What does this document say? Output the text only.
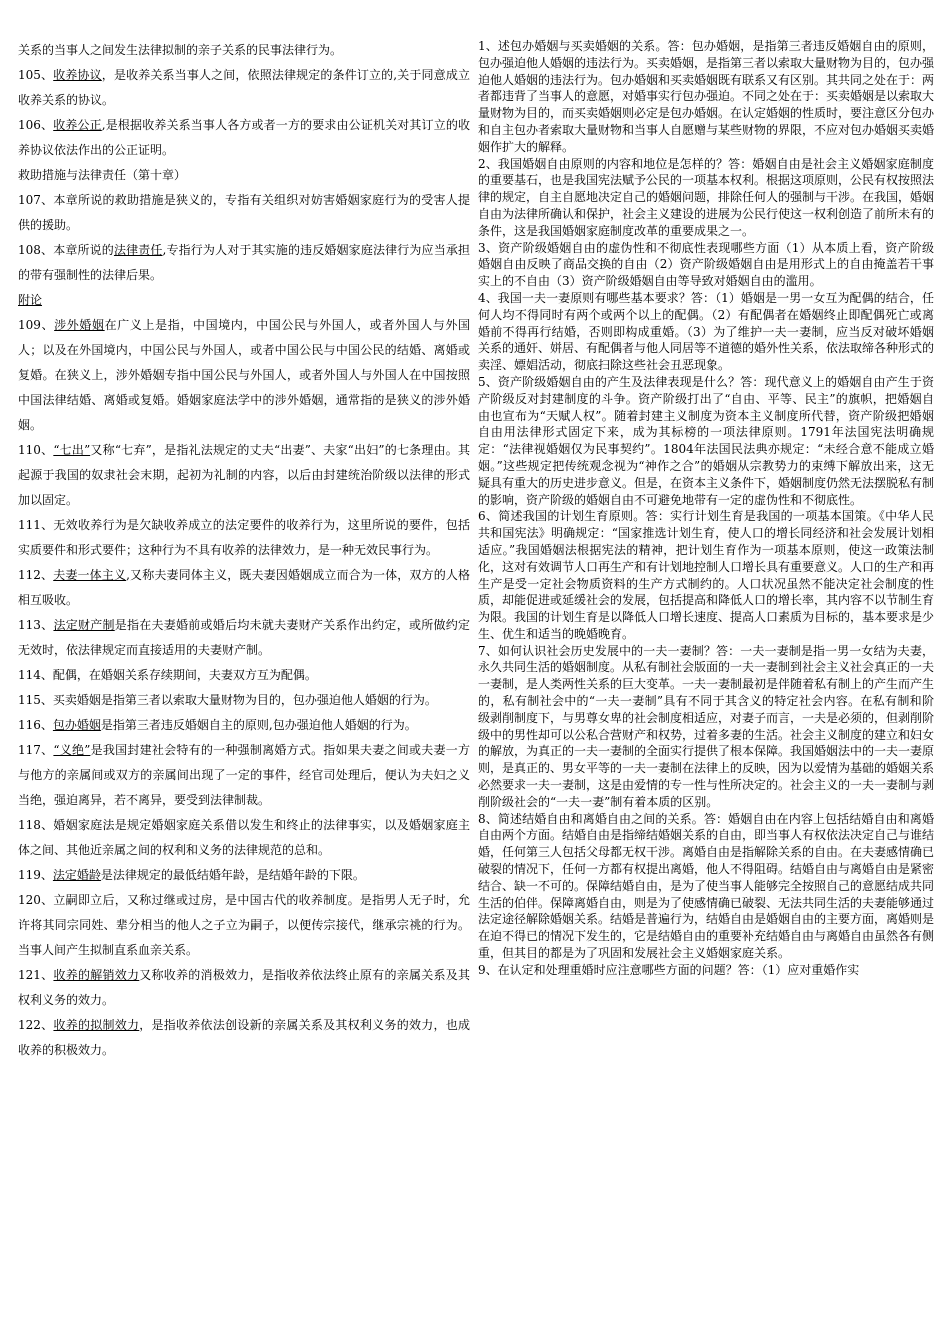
关系的当事人之间发生法律拟制的亲子关系的民事法律行为。

105、收养协议，是收养关系当事人之间，依照法律规定的条件订立的,关于同意成立收养关系的协议。

106、收养公正,是根据收养关系当事人各方或者一方的要求由公证机关对其订立的收养协议依法作出的公正证明。

救助措施与法律责任（第十章）

107、本章所说的救助措施是狭义的，专指有关组织对妨害婚姻家庭行为的受害人提供的援助。

108、本章所说的法律责任,专指行为人对于其实施的违反婚姻家庭法律行为应当承担的带有强制性的法律后果。

附论

109、涉外婚姻在广义上是指，中国境内，中国公民与外国人，或者外国人与外国人；以及在外国境内，中国公民与外国人，或者中国公民与中国公民的结婚、离婚或复婚。在狭义上，涉外婚姻专指中国公民与外国人，或者外国人与外国人在中国按照中国法律结婚、离婚或复婚。婚姻家庭法学中的涉外婚姻，通常指的是狭义的涉外婚姻。

110、“七出”又称“七弃”，是指礼法规定的丈夫“出妻”、夫家“出妇”的七条理由。其起源于我国的奴隶社会末期，起初为礼制的内容，以后由封建统治阶级以法律的形式加以固定。

111、无效收养行为是欠缺收养成立的法定要件的收养行为，这里所说的要件，包括实质要件和形式要件；这种行为不具有收养的法律效力，是一种无效民事行为。

112、夫妻一体主义,又称夫妻同体主义，既夫妻因婚姻成立而合为一体，双方的人格相互吸收。

113、法定财产制是指在夫妻婚前或婚后均未就夫妻财产关系作出约定，或所做约定无效时，依法律规定而直接适用的夫妻财产制。

114、配偶，在婚姻关系存续期间，夫妻双方互为配偶。

115、买卖婚姻是指第三者以索取大量财物为目的，包办强迫他人婚姻的行为。

116、包办婚姻是指第三者违反婚姻自主的原则,包办强迫他人婚姻的行为。

117、“义绝”是我国封建社会特有的一种强制离婚方式。指如果夫妻之间或夫妻一方与他方的亲属间或双方的亲属间出现了一定的事件，经官司处理后，便认为夫妇之义当绝，强迫离异，若不离异，要受到法律制裁。

118、婚姻家庭法是规定婚姻家庭关系借以发生和终止的法律事实，以及婚姻家庭主体之间、其他近亲属之间的权利和义务的法律规范的总和。

119、法定婚龄是法律规定的最低结婚年龄，是结婚年龄的下限。

120、立嗣即立后，又称过继或过房，是中国古代的收养制度。是指男人无子时，允许将其同宗同姓、辈分相当的他人之子立为嗣子，以便传宗接代，继承宗祧的行为。当事人间产生拟制直系血亲关系。

121、收养的解销效力又称收养的消极效力，是指收养依法终止原有的亲属关系及其权利义务的效力。

122、收养的拟制效力，是指收养依法创设新的亲属关系及其权利义务的效力，也成收养的积极效力。

1、述包办婚姻与买卖婚姻的关系。答：包办婚姻，是指第三者违反婚姻自由的原则，包办强迫他人婚姻的违法行为。买卖婚姻，是指第三者以索取大量财物为目的，包办强迫他人婚姻的违法行为。包办婚姻和买卖婚姻既有联系又有区别。其共同之处在于：两者都违背了当事人的意愿，对婚事实行包办强迫。不同之处在于：买卖婚姻是以索取大量财物为目的，而买卖婚姻则必定是包办婚姻。在认定婚姻的性质时，要注意区分包办和自主包办者索取大量财物和当事人自愿赠与某些财物的界限，不应对包办婚姻买卖婚姻作扩大的解释。

2、我国婚姻自由原则的内容和地位是怎样的？答：婚姻自由是社会主义婚姻家庭制度的重要基石，也是我国宪法赋予公民的一项基本权利。根据这项原则，公民有权按照法律的规定，自主自愿地决定自己的婚姻问题，排除任何人的强制与干涉。在我国，婚姻自由为法律所确认和保护，社会主义建设的进展为公民行使这一权利创造了前所未有的条件，这是我国婚姻家庭制度改革的重要成果之一。

3、资产阶级婚姻自由的虚伪性和不彻底性表现哪些方面（1）从本质上看，资产阶级婚姻自由反映了商品交换的自由（2）资产阶级婚姻自由是用形式上的自由掩盖若干事实上的不自由（3）资产阶级婚姻自由等导致对婚姻自由的滥用。

4、我国一夫一妻原则有哪些基本要求？答：（1）婚姻是一男一女互为配偶的结合，任何人均不得同时有两个或两个以上的配偶。（2）有配偶者在婚姻终止即配偶死亡或离婚前不得再行结婚，否则即构成重婚。（3）为了维护一夫一妻制，应当反对破坏婚姻关系的通奸、姘居、有配偶者与他人同居等不道德的婚外性关系，依法取缔各种形式的卖淫、嫖娼活动，彻底扫除这些社会丑恶现象。

5、资产阶级婚姻自由的产生及法律表现是什么？答：现代意义上的婚姻自由产生于资产阶级反对封建制度的斗争。资产阶级打出了“自由、平等、民主”的旗帜，把婚姻自由也宣布为“天赋人权”。随着封建主义制度为资本主义制度所代替，资产阶级把婚姻自由用法律形式固定下来，成为其标榜的一项法律原则。1791年法国宪法明确规定：“法律视婚姻仅为民事契约”。1804年法国民法典亦规定：“未经合意不能成立婚姻。”这些规定把传统观念视为“神作之合”的婚姻从宗教势力的束缚下解放出来，这无疑具有重大的历史进步意义。但是，在资本主义条件下，婚姻制度仍然无法摆脱私有制的影响，资产阶级的婚姻自由不可避免地带有一定的虚伪性和不彻底性。

6、简述我国的计划生育原则。答：实行计划生育是我国的一项基本国策。《中华人民共和国宪法》明确规定：“国家推选计划生育，使人口的增长同经济和社会发展计划相适应。”我国婚姻法根据宪法的精神，把计划生育作为一项基本原则，使这一政策法制化，这对有效调节人口再生产和有计划地控制人口增长具有重要意义。人口的生产和再生产是受一定社会物质资料的生产方式制约的。人口状况虽然不能决定社会制度的性质，却能促进或延缓社会的发展，包括提高和降低人口的增长率，其内容不以节制生育为限。我国的计划生育是以降低人口增长速度、提高人口素质为目标的，基本要求是少生、优生和适当的晚婚晚育。

7、如何认识社会历史发展中的一夫一妻制？答：一夫一妻制是指一男一女结为夫妻，永久共同生活的婚姻制度。从私有制社会版面的一夫一妻制到社会主义社会真正的一夫一妻制，是人类两性关系的巨大变革。一夫一妻制最初是伴随着私有制上的产生而产生的，私有制社会中的“一夫一妻制”具有不同于其含义的特定社会内容。在私有制和阶级剥削制度下，与男尊女卑的社会制度相适应，对妻子而言，一夫是必须的，但剥削阶级中的男性却可以公私合营财产和权势，过着多妻的生活。社会主义制度的建立和妇女的解放，为真正的一夫一妻制的全面实行提供了根本保障。我国婚姻法中的一夫一妻原则，是真正的、男女平等的一夫一妻制在法律上的反映，因为以爱情为基础的婚姻关系必然要求一夫一妻制，这是由爱情的专一性与性所决定的。社会主义的一夫一妻制与剥削阶级社会的“一夫一妻”制有着本质的区别。

8、简述结婚自由和离婚自由之间的关系。答：婚姻自由在内容上包括结婚自由和离婚自由两个方面。结婚自由是指缔结婚姻关系的自由，即当事人有权依法决定自己与谁结婚，任何第三人包括父母都无权干涉。离婚自由是指解除关系的自由。在夫妻感情确已破裂的情况下，任何一方都有权提出离婚，他人不得阻碍。结婚自由与离婚自由是紧密结合、缺一不可的。保障结婚自由，是为了使当事人能够完全按照自己的意愿结成共同生活的伯伴。保障离婚自由，则是为了使感情确已破裂、无法共同生活的夫妻能够通过法定途径解除婚姻关系。结婚是普遍行为，结婚自由是婚姻自由的主要方面，离婚则是在迫不得已的情况下发生的，它是结婚自由的重要补充结婚自由与离婚自由虽然各有侧重，但其目的都是为了巩固和发展社会主义婚姻家庭关系。

9、在认定和处理重婚时应注意哪些方面的问题？答：（1）应对重婚作实
